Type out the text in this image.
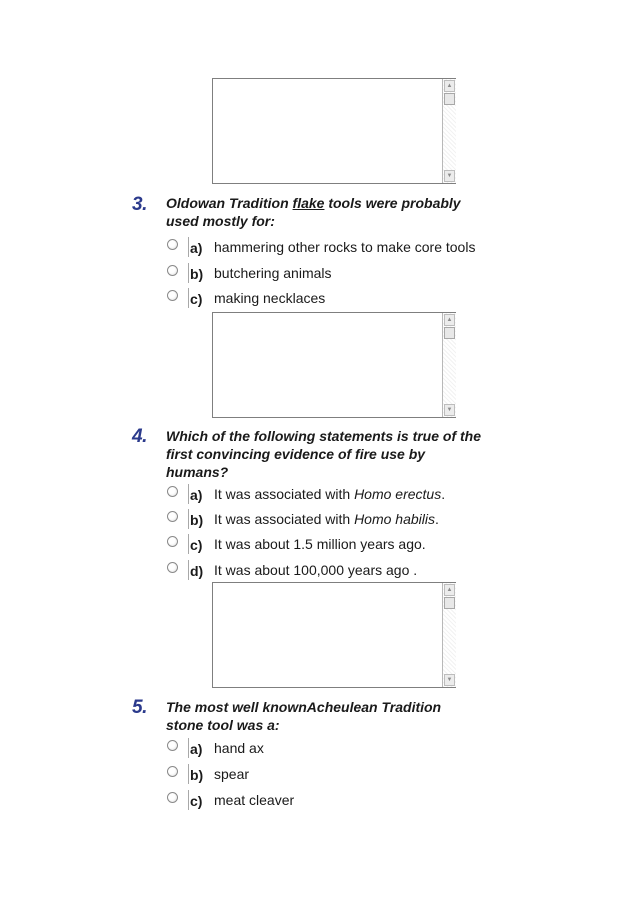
▲
▼
3. Oldowan Tradition flake tools were probably
used mostly for:
a) hammering other rocks to make core tools
b) butchering animals
c) making necklaces
▲
▼
4. Which of the following statements is true of the
first convincing evidence of fire use by
humans?
a) It was associated with Homo erectus.
b) It was associated with Homo habilis.
c) It was about 1.5 million years ago.
d) It was about 100,000 years ago .
▲
▼
5. The most well knownAcheulean Tradition
stone tool was a:
a) hand ax
b) spear
c) meat cleaver
